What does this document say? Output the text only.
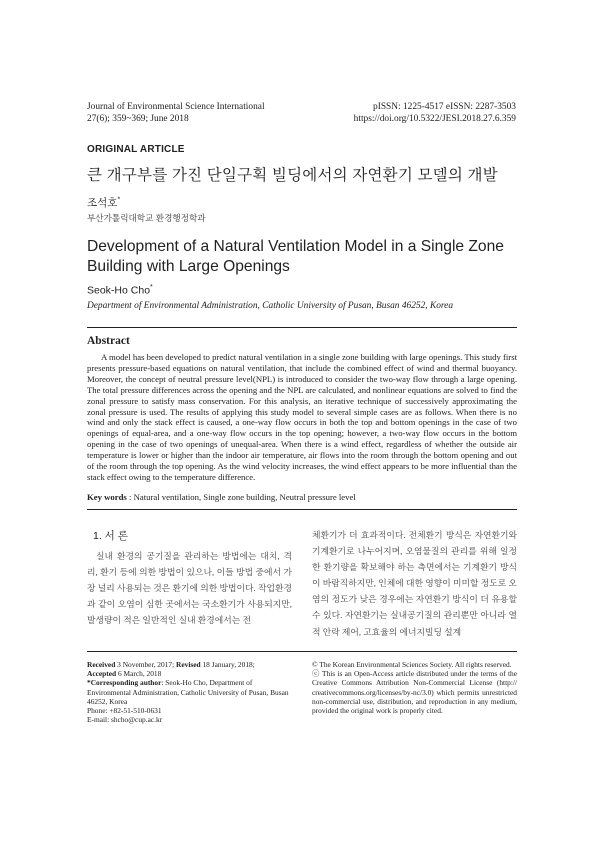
Journal of Environmental Science International
27(6); 359~369; June 2018
pISSN: 1225-4517 eISSN: 2287-3503
https://doi.org/10.5322/JESI.2018.27.6.359
ORIGINAL ARTICLE
큰 개구부를 가진 단일구획 빌딩에서의 자연환기 모델의 개발
조석호*
부산가톨릭대학교 환경행정학과
Development of a Natural Ventilation Model in a Single Zone Building with Large Openings
Seok-Ho Cho*
Department of Environmental Administration, Catholic University of Pusan, Busan 46252, Korea
Abstract
A model has been developed to predict natural ventilation in a single zone building with large openings. This study first presents pressure-based equations on natural ventilation, that include the combined effect of wind and thermal buoyancy. Moreover, the concept of neutral pressure level(NPL) is introduced to consider the two-way flow through a large opening. The total pressure differences across the opening and the NPL are calculated, and nonlinear equations are solved to find the zonal pressure to satisfy mass conservation. For this analysis, an iterative technique of successively approximating the zonal pressure is used. The results of applying this study model to several simple cases are as follows. When there is no wind and only the stack effect is caused, a one-way flow occurs in both the top and bottom openings in the case of two openings of equal-area, and a one-way flow occurs in the top opening; however, a two-way flow occurs in the bottom opening in the case of two openings of unequal-area. When there is a wind effect, regardless of whether the outside air temperature is lower or higher than the indoor air temperature, air flows into the room through the bottom opening and out of the room through the top opening. As the wind velocity increases, the wind effect appears to be more influential than the stack effect owing to the temperature difference.
Key words : Natural ventilation, Single zone building, Neutral pressure level
1. 서 론
실내 환경의 공기질을 관리하는 방법에는 대치, 격리, 환기 등에 의한 방법이 있으나, 이들 방법 중에서 가장 널리 사용되는 것은 환기에 의한 방법이다. 작업환경과 같이 오염이 심한 곳에서는 국소환기가 사용되지만, 발생량이 적은 일반적인 실내 환경에서는 전
체환기가 더 효과적이다. 전체환기 방식은 자연환기와 기계환기로 나누어지며, 오염물질의 관리를 위해 일정한 환기량을 확보해야 하는 측면에서는 기계환기 방식이 바람직하지만, 인체에 대한 영향이 미미할 정도로 오염의 정도가 낮은 경우에는 자연환기 방식이 더 유용할 수 있다. 자연환기는 실내공기질의 관리뿐만 아니라 열적 안락 제어, 고효율의 에너지빌딩 설계
Received 3 November, 2017; Revised 18 January, 2018;
Accepted 6 March, 2018
*Corresponding author: Seok-Ho Cho, Department of Environmental Administration, Catholic University of Pusan, Busan 46252, Korea
Phone: +82-51-510-0631
E-mail: shcho@cup.ac.kr
© The Korean Environmental Sciences Society. All rights reserved.
ⓒ This is an Open-Access article distributed under the terms of the Creative Commons Attribution Non-Commercial License (http:// creativecommons.org/licenses/by-nc/3.0) which permits unrestricted non-commercial use, distribution, and reproduction in any medium, provided the original work is properly cited.
